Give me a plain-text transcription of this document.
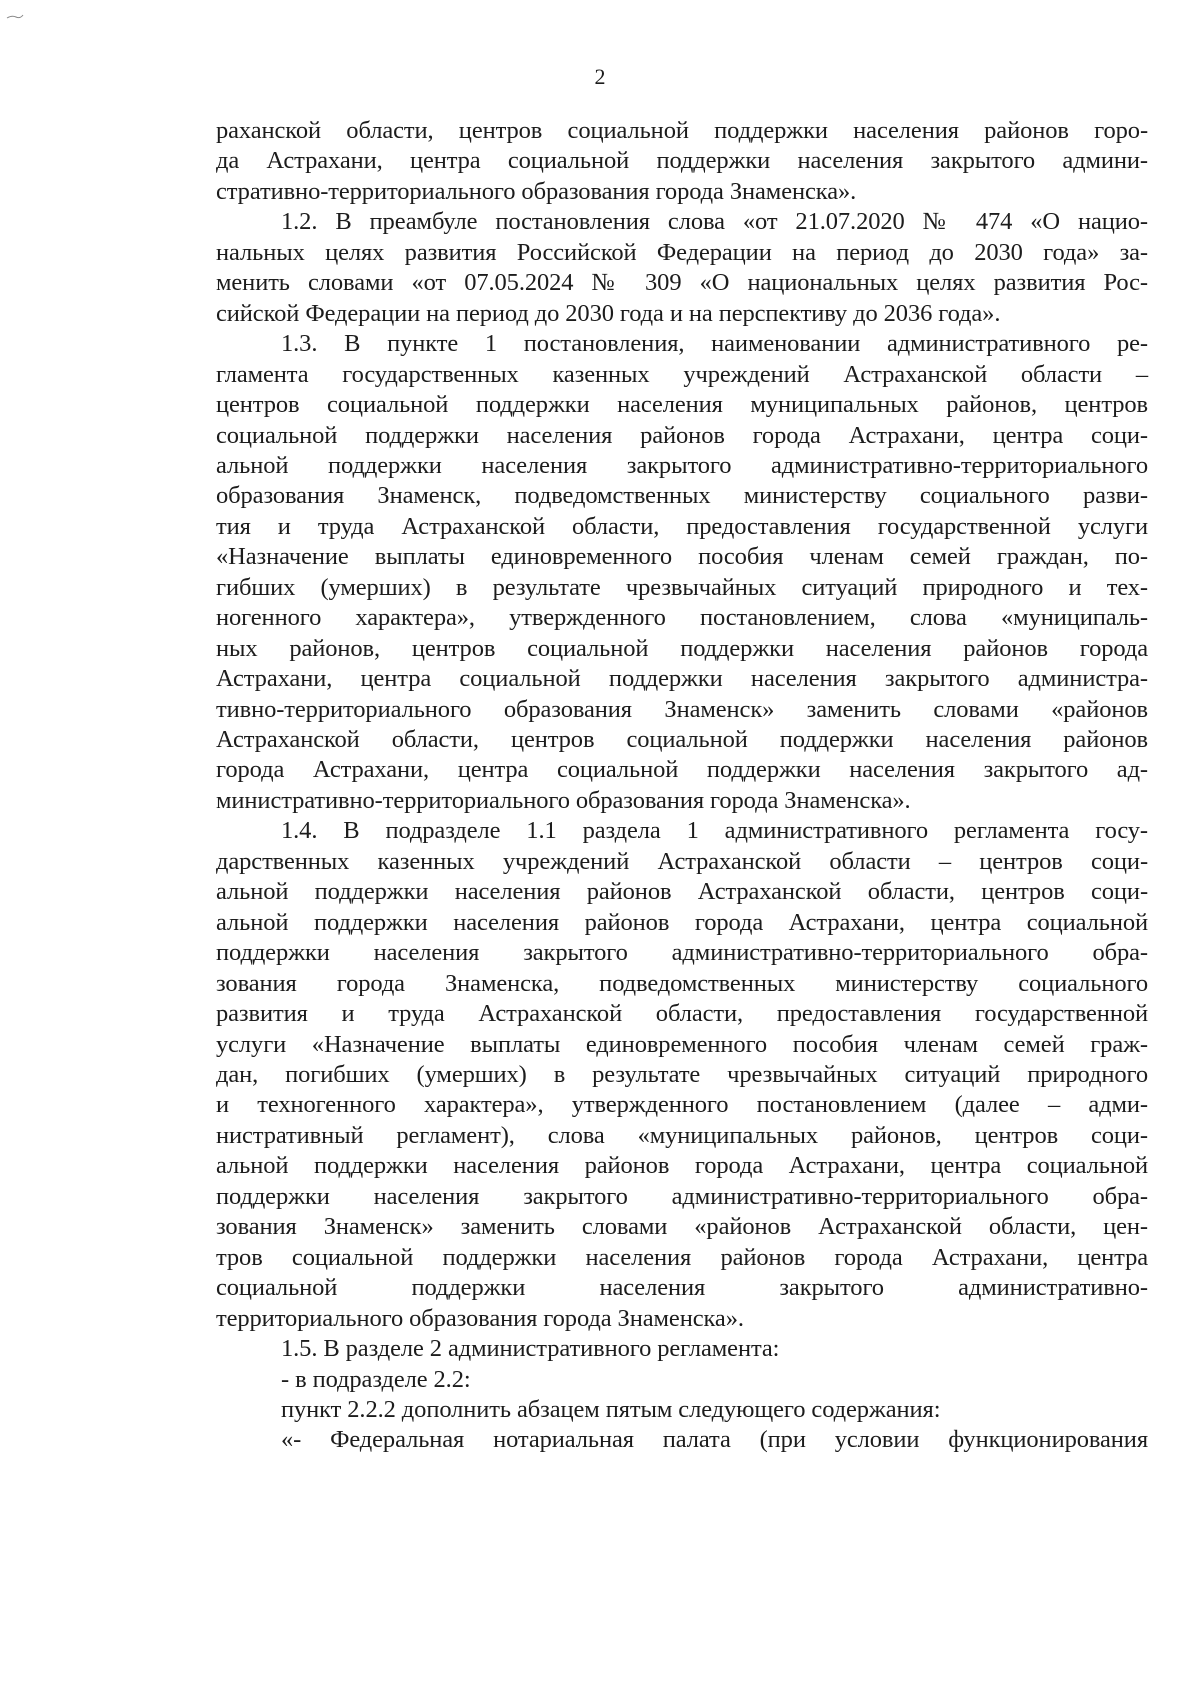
2
раханской области, центров социальной поддержки населения районов горо-
да Астрахани, центра социальной поддержки населения закрытого админи-
стративно-территориального образования города Знаменска».
1.2. В преамбуле постановления слова «от 21.07.2020 № 474 «О нацио-
нальных целях развития Российской Федерации на период до 2030 года» за-
менить словами «от 07.05.2024 № 309 «О национальных целях развития Рос-
сийской Федерации на период до 2030 года и на перспективу до 2036 года».
1.3. В пункте 1 постановления, наименовании административного ре-
гламента государственных казенных учреждений Астраханской области –
центров социальной поддержки населения муниципальных районов, центров
социальной поддержки населения районов города Астрахани, центра соци-
альной поддержки населения закрытого административно-территориального
образования Знаменск, подведомственных министерству социального разви-
тия и труда Астраханской области, предоставления государственной услуги
«Назначение выплаты единовременного пособия членам семей граждан, по-
гибших (умерших) в результате чрезвычайных ситуаций природного и тех-
ногенного характера», утвержденного постановлением, слова «муниципаль-
ных районов, центров социальной поддержки населения районов города
Астрахани, центра социальной поддержки населения закрытого администра-
тивно-территориального образования Знаменск» заменить словами «районов
Астраханской области, центров социальной поддержки населения районов
города Астрахани, центра социальной поддержки населения закрытого ад-
министративно-территориального образования города Знаменска».
1.4. В подразделе 1.1 раздела 1 административного регламента госу-
дарственных казенных учреждений Астраханской области – центров соци-
альной поддержки населения районов Астраханской области, центров соци-
альной поддержки населения районов города Астрахани, центра социальной
поддержки населения закрытого административно-территориального обра-
зования города Знаменска, подведомственных министерству социального
развития и труда Астраханской области, предоставления государственной
услуги «Назначение выплаты единовременного пособия членам семей граж-
дан, погибших (умерших) в результате чрезвычайных ситуаций природного
и техногенного характера», утвержденного постановлением (далее – адми-
нистративный регламент), слова «муниципальных районов, центров соци-
альной поддержки населения районов города Астрахани, центра социальной
поддержки населения закрытого административно-территориального обра-
зования Знаменск» заменить словами «районов Астраханской области, цен-
тров социальной поддержки населения районов города Астрахани, центра
социальной поддержки населения закрытого административно-
территориального образования города Знаменска».
1.5. В разделе 2 административного регламента:
- в подразделе 2.2:
пункт 2.2.2 дополнить абзацем пятым следующего содержания:
«- Федеральная нотариальная палата (при условии функционирования
